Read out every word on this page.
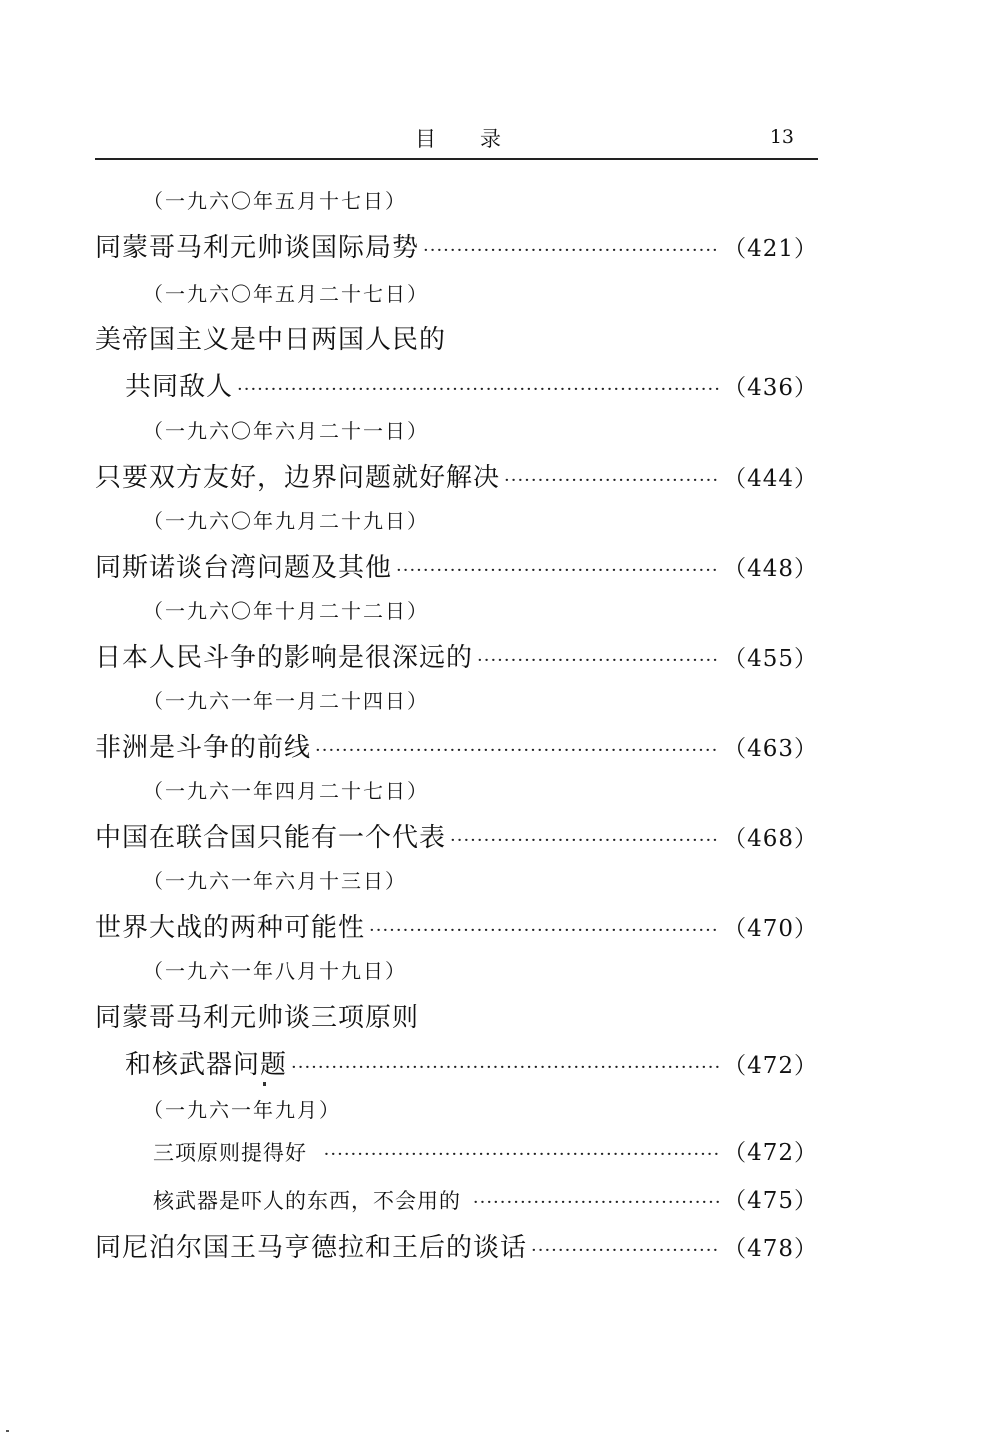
目录	13
（一九六〇年五月十七日）
同蒙哥马利元帅谈国际局势 ·····	（421）
（一九六〇年五月二十七日）
美帝国主义是中日两国人民的
共同敌人 ·····	（436）
（一九六〇年六月二十一日）
只要双方友好，边界问题就好解决 ·····	（444）
（一九六〇年九月二十九日）
同斯诺谈台湾问题及其他 ·····	（448）
（一九六〇年十月二十二日）
日本人民斗争的影响是很深远的 ·····	（455）
（一九六一年一月二十四日）
非洲是斗争的前线 ·····	（463）
（一九六一年四月二十七日）
中国在联合国只能有一个代表 ·····	（468）
（一九六一年六月十三日）
世界大战的两种可能性 ·····	（470）
（一九六一年八月十九日）
同蒙哥马利元帅谈三项原则
和核武器问题 ·····	（472）
（一九六一年九月）
三项原则提得好 ·····	（472）
核武器是吓人的东西，不会用的 ·····	（475）
同尼泊尔国王马亨德拉和王后的谈话 ·····	（478）
